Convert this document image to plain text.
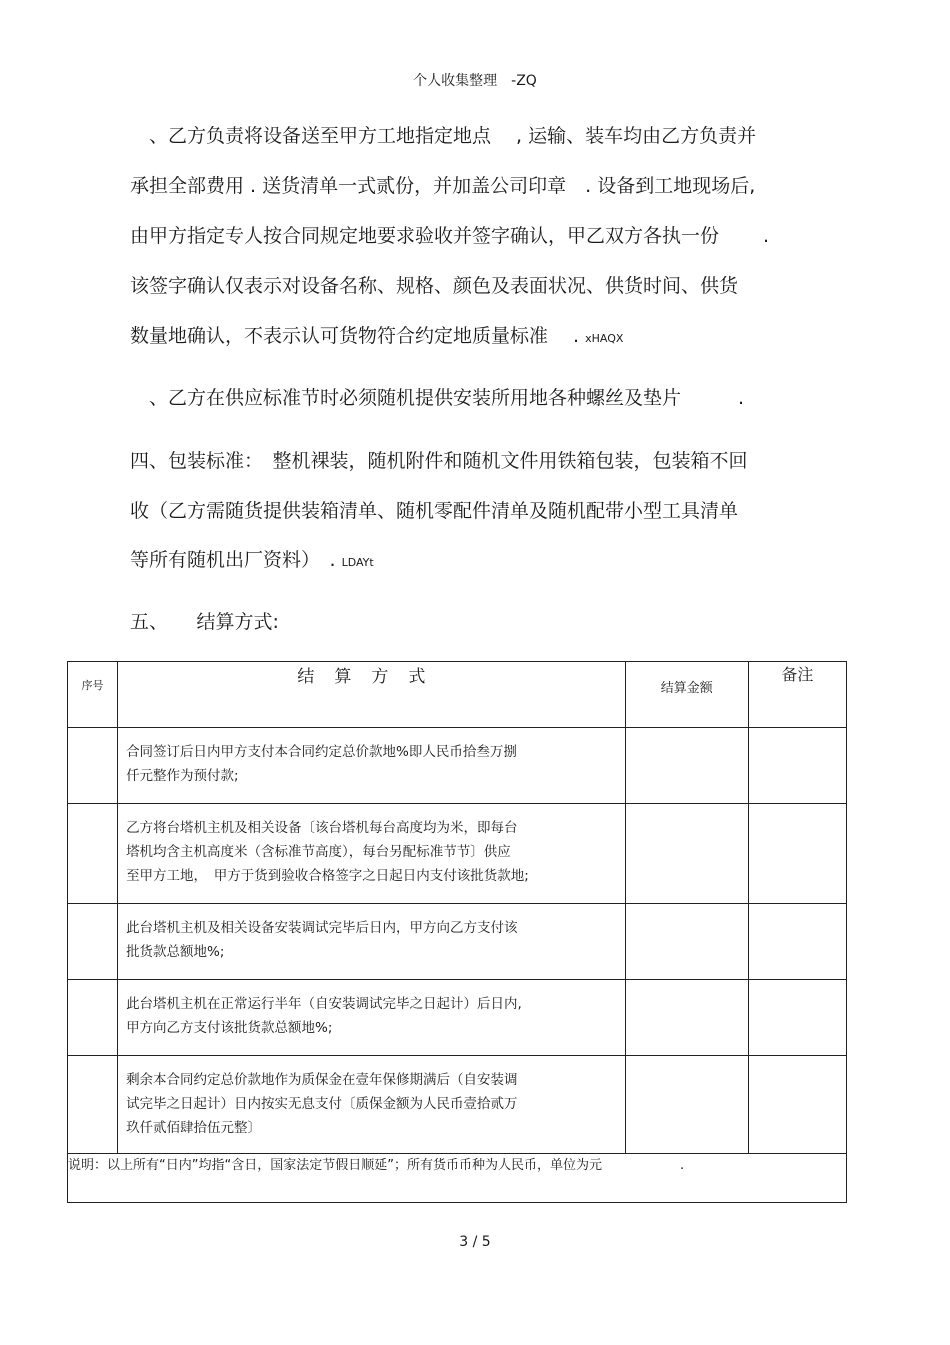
个人收集整理　-ZQ
　、乙方负责将设备送至甲方工地指定地点　 , 运输、装车均由乙方负责并
承担全部费用 . 送货清单一式贰份，并加盖公司印章　. 设备到工地现场后,
由甲方指定专人按合同规定地要求验收并签字确认，甲乙双方各执一份　　 .
该签字确认仅表示对设备名称、规格、颜色及表面状况、供货时间、供货
数量地确认，不表示认可货物符合约定地质量标准　 . xHAQX
　、乙方在供应标准节时必须随机提供安装所用地各种螺丝及垫片　　　.
四、包装标准：　整机裸装，随机附件和随机文件用铁箱包装，包装箱不回
收（乙方需随货提供装箱清单、随机零配件清单及随机配带小型工具清单
等所有随机出厂资料）　. LDAYt
五、　　结算方式:
序号	结算方式	结算金额	备注

	合同签订后日内甲方支付本合同约定总价款地%即人民币拾叁万捌
仟元整作为预付款;		

	乙方将台塔机主机及相关设备〔该台塔机每台高度均为米，即每台
塔机均含主机高度米（含标准节高度），每台另配标准节节〕供应
至甲方工地，　甲方于货到验收合格签字之日起日内支付该批货款地;		

	此台塔机主机及相关设备安装调试完毕后日内，甲方向乙方支付该
批货款总额地%;		

	此台塔机主机在正常运行半年（自安装调试完毕之日起计）后日内,
甲方向乙方支付该批货款总额地%;		

	剩余本合同约定总价款地作为质保金在壹年保修期满后（自安装调
试完毕之日起计）日内按实无息支付〔质保金额为人民币壹拾贰万
玖仟贰佰肆拾伍元整〕		

说明：以上所有“日内”均指“含日，国家法定节假日顺延”；所有货币币种为人民币，单位为元　　　　　　.			
3 / 5
